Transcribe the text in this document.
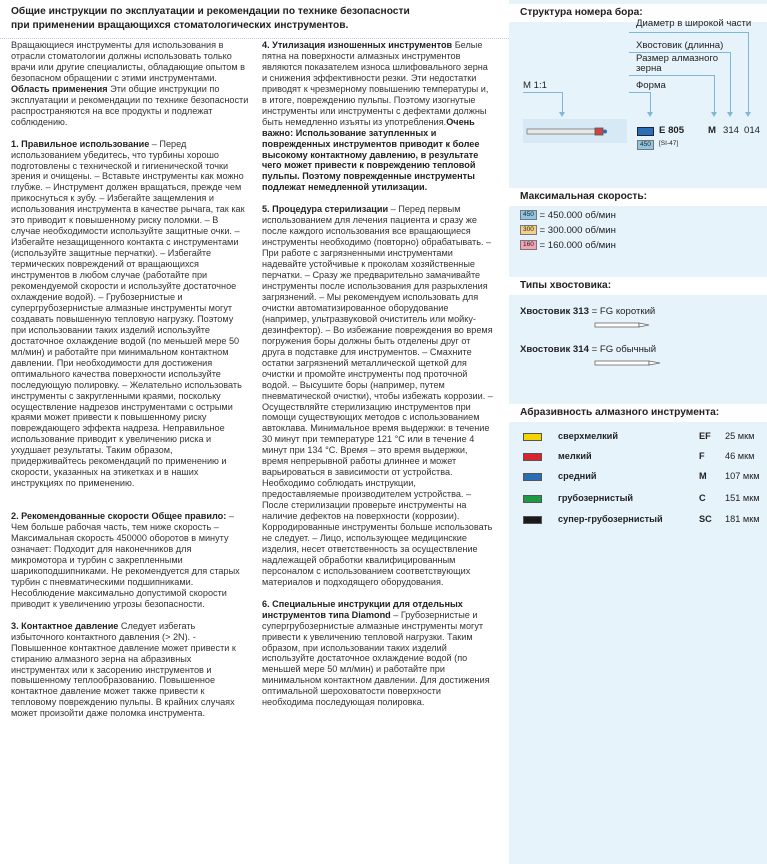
Общие инструкции по эксплуатации и рекомендации по технике безопасности
при применении вращающихся стоматологических инструментов.

Вращающиеся инструменты для использования в отрасли стоматологии должны использовать только врачи или другие специалисты, обладающие опытом в безопасном обращении с этими инструментами. Область применения Эти общие инструкции по эксплуатации и рекомендации по технике безопасности распространяются на все продукты и подлежат соблюдению.

1. Правильное использование – Перед использованием убедитесь, что турбины хорошо подготовлены с технической и гигиенической точки зрения и очищены. – Вставьте инструменты как можно глубже. – Инструмент должен вращаться, прежде чем прикоснуться к зубу. – Избегайте защемления и использования инструмента в качестве рычага, так как это приводит к повышенному риску поломки. – В случае необходимости используйте защитные очки. – Избегайте незащищенного контакта с инструментами (используйте защитные перчатки). – Избегайте термических повреждений от вращающихся инструментов в любом случае (работайте при рекомендуемой скорости и используйте достаточное охлаждение водой). – Грубозернистые и супергрубозернистые алмазные инструменты могут создавать повышенную тепловую нагрузку. Поэтому при использовании таких изделий используйте достаточное охлаждение водой (по меньшей мере 50 мл/мин) и работайте при минимальном контактном давлении. При необходимости для достижения оптимального качества поверхности используйте последующую полировку. – Желательно использовать инструменты с закругленными краями, поскольку осуществление надрезов инструментами с острыми краями может привести к повышенному риску повреждающего эффекта надреза. Неправильное использование приводит к увеличению риска и ухудшает результаты. Таким образом, придерживайтесь рекомендаций по применению и скорости, указанных на этикетках и в наших инструкциях по применению.

2. Рекомендованные скорости Общее правило: – Чем больше рабочая часть, тем ниже скорость – Максимальная скорость 450000 оборотов в минуту означает: Подходит для наконечников для микромотора и турбин с закрепленными шарикоподшипниками. Не рекомендуется для старых турбин с пневматическими подшипниками. Несоблюдение максимально допустимой скорости приводит к увеличению угрозы безопасности.

3. Контактное давление Следует избегать избыточного контактного давления (> 2N). - Повышенное контактное давление может привести к стиранию алмазного зерна на абразивных инструментах или к засорению инструментов и повышенному теплообразованию. Повышенное контактное давление может также привести к тепловому повреждению пульпы. В крайних случаях может произойти даже поломка инструмента.

4. Утилизация изношенных инструментов Белые пятна на поверхности алмазных инструментов являются показателем износа шлифовального зерна и снижения эффективности резки. Эти недостатки приводят к чрезмерному повышению температуры и, в итоге, повреждению пульпы. Поэтому изогнутые инструменты или инструменты с дефектами должны быть немедленно изъяты из употребления.Очень важно: Использование затупленных и поврежденных инструментов приводит к более высокому контактному давлению, в результате чего может привести к повреждению тепловой пульпы. Поэтому поврежденные инструменты подлежат немедленной утилизации.

5. Процедура стерилизации – Перед первым использованием для лечения пациента и сразу же после каждого использования все вращающиеся инструменты необходимо (повторно) обрабатывать. – При работе с загрязненными инструментами надевайте устойчивые к проколам хозяйственные перчатки. – Сразу же предварительно замачивайте инструменты после использования для разрыхления загрязнений. – Мы рекомендуем использовать для очистки автоматизированное оборудование (например, ультразвуковой очиститель или мойку-дезинфектор). – Во избежание повреждения во время погружения боры должны быть отделены друг от друга в подставке для инструментов. – Смахните остатки загрязнений металлической щеткой для очистки и промойте инструменты под проточной водой. – Высушите боры (например, путем пневматической очистки), чтобы избежать коррозии. – Осуществляйте стерилизацию инструментов при помощи существующих методов с использованием автоклава. Минимальное время выдержки: в течение 30 минут при температуре 121 °C или в течение 4 минут при 134 °C. Время – это время выдержки, время непрерывной работы длиннее и может варьироваться в зависимости от устройства. Необходимо соблюдать инструкции, предоставляемые производителем устройства. – После стерилизации проверьте инструменты на наличие дефектов на поверхности (коррозии). Корродированные инструменты больше использовать не следует. – Лицо, использующее медицинские изделия, несет ответственность за осуществление надлежащей обработки квалифицированным персоналом с использованием соответствующих материалов и подходящего оборудования.

6. Специальные инструкции для отдельных инструментов типа Diamond – Грубозернистые и супергрубозернистые алмазные инструменты могут привести к увеличению тепловой нагрузки. Таким образом, при использовании таких изделий используйте достаточное охлаждение водой (по меньшей мере 50 мл/мин) и работайте при минимальном контактном давлении. Для достижения оптимальной шероховатости поверхности необходима последующая полировка.

Структура номера бора:
Диаметр в широкой части
Хвостовик (длинна)
Размер алмазного
зерна
Форма
M 1:1
E 805 M 314 014
450	[SI-47]
Максимальная скорость:
450 = 450.000 об/мин
300 = 300.000 об/мин
160 = 160.000 об/мин
Типы хвостовика:
Хвостовик 313 = FG короткий
Хвостовик 314 = FG обычный
Абразивность алмазного инструмента:
сверхмелкий	EF 25 мкм
мелкий	F 46 мкм
средний	M 107 мкм
грубозернистый	C 151 мкм
супер-грубозернистый	SC 181 мкм
